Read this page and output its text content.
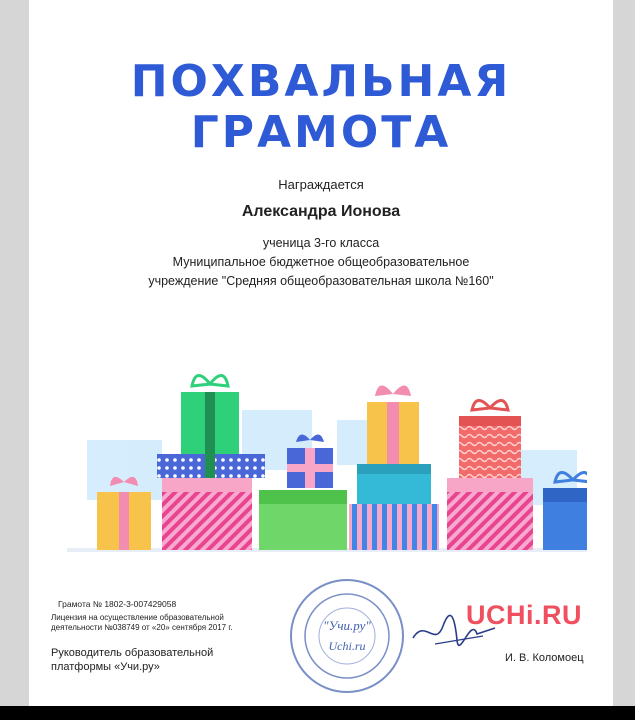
ПОХВАЛЬНАЯ
ГРАМОТА
Награждается
Александра Ионова
ученица 3-го класса
Муниципальное бюджетное общеобразовательное
учреждение "Средняя общеобразовательная школа №160"
Грамота № 1802-3-007429058
Лицензия на осуществление образовательной деятельности №038749 от «20» сентября 2017 г.
Руководитель образовательной платформы «Учи.ру»
"Учи.ру"
Uchi.ru
UCHi.RU
И. В. Коломоец
